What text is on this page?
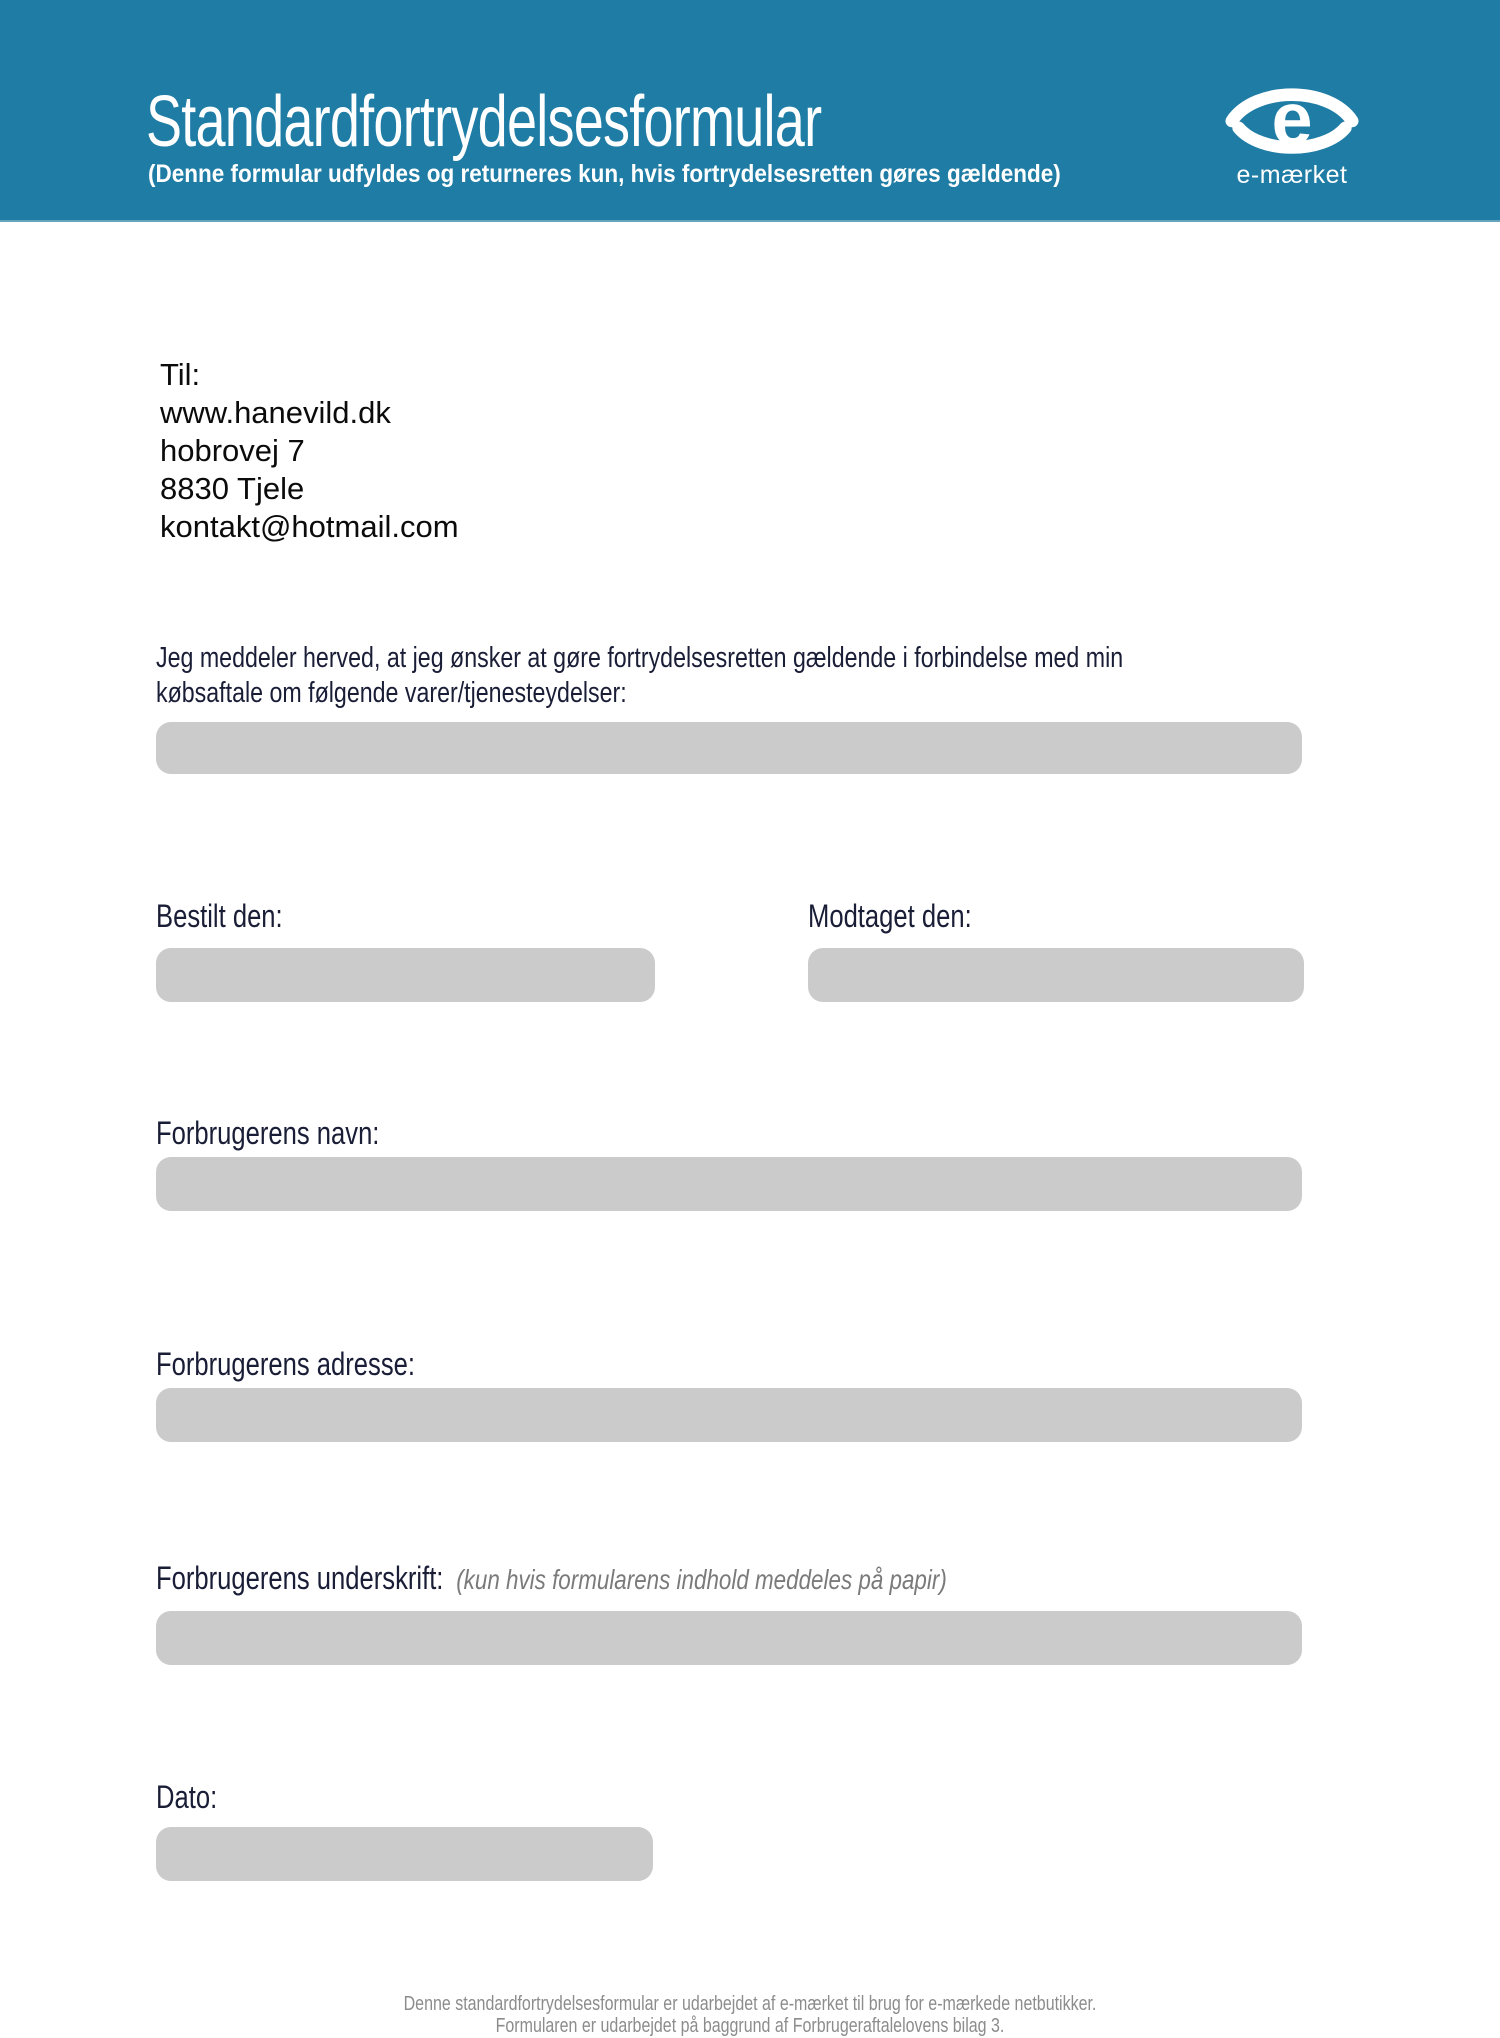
Standardfortrydelsesformular
(Denne formular udfyldes og returneres kun, hvis fortrydelsesretten gøres gældende)
e
e-mærket
Til:
www.hanevild.dk
hobrovej 7
8830 Tjele
kontakt@hotmail.com
Jeg meddeler herved, at jeg ønsker at gøre fortrydelsesretten gældende i forbindelse med min
købsaftale om følgende varer/tjenesteydelser:
Bestilt den:	Modtaget den:
Forbrugerens navn:
Forbrugerens adresse:
Forbrugerens underskrift: (kun hvis formularens indhold meddeles på papir)
Dato:
Denne standardfortrydelsesformular er udarbejdet af e-mærket til brug for e-mærkede netbutikker.
Formularen er udarbejdet på baggrund af Forbrugeraftalelovens bilag 3.
